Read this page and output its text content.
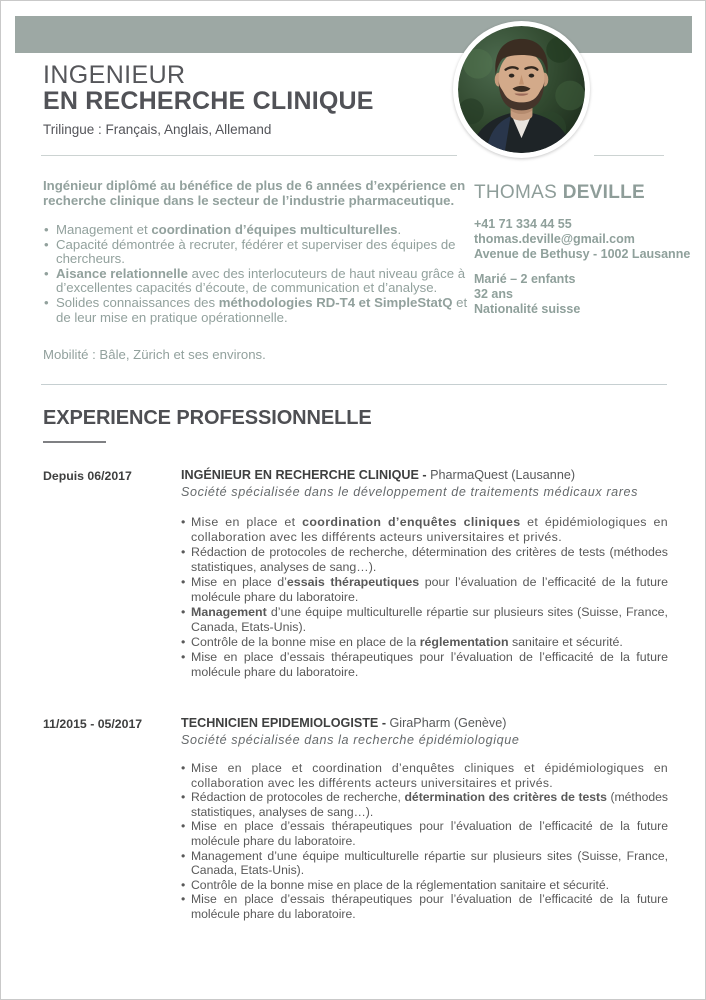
INGENIEUR
EN RECHERCHE CLINIQUE
Trilingue : Français, Anglais, Allemand
Ingénieur diplômé au bénéfice de plus de 6 années d’expérience en recherche clinique dans le secteur de l’industrie pharmaceutique.
• Management et coordination d’équipes multiculturelles.
• Capacité démontrée à recruter, fédérer et superviser des équipes de chercheurs.
• Aisance relationnelle avec des interlocuteurs de haut niveau grâce à d’excellentes capacités d’écoute, de communication et d’analyse.
• Solides connaissances des méthodologies RD-T4 et SimpleStatQ et de leur mise en pratique opérationnelle.
Mobilité : Bâle, Zürich et ses environs.
THOMAS DEVILLE
+41 71 334 44 55
thomas.deville@gmail.com
Avenue de Bethusy - 1002 Lausanne
Marié – 2 enfants
32 ans
Nationalité suisse
EXPERIENCE PROFESSIONNELLE
Depuis 06/2017	INGÉNIEUR EN RECHERCHE CLINIQUE - PharmaQuest (Lausanne)
Société spécialisée dans le développement de traitements médicaux rares
• Mise en place et coordination d’enquêtes cliniques et épidémiologiques en collaboration avec les différents acteurs universitaires et privés.
• Rédaction de protocoles de recherche, détermination des critères de tests (méthodes statistiques, analyses de sang…).
• Mise en place d’essais thérapeutiques pour l’évaluation de l’efficacité de la future molécule phare du laboratoire.
• Management d’une équipe multiculturelle répartie sur plusieurs sites (Suisse, France, Canada, Etats-Unis).
• Contrôle de la bonne mise en place de la réglementation sanitaire et sécurité.
• Mise en place d’essais thérapeutiques pour l’évaluation de l’efficacité de la future molécule phare du laboratoire.
11/2015 - 05/2017	TECHNICIEN EPIDEMIOLOGISTE - GiraPharm (Genève)
Société spécialisée dans la recherche épidémiologique
• Mise en place et coordination d’enquêtes cliniques et épidémiologiques en collaboration avec les différents acteurs universitaires et privés.
• Rédaction de protocoles de recherche, détermination des critères de tests (méthodes statistiques, analyses de sang…).
• Mise en place d’essais thérapeutiques pour l’évaluation de l’efficacité de la future molécule phare du laboratoire.
• Management d’une équipe multiculturelle répartie sur plusieurs sites (Suisse, France, Canada, Etats-Unis).
• Contrôle de la bonne mise en place de la réglementation sanitaire et sécurité.
• Mise en place d’essais thérapeutiques pour l’évaluation de l’efficacité de la future molécule phare du laboratoire.
